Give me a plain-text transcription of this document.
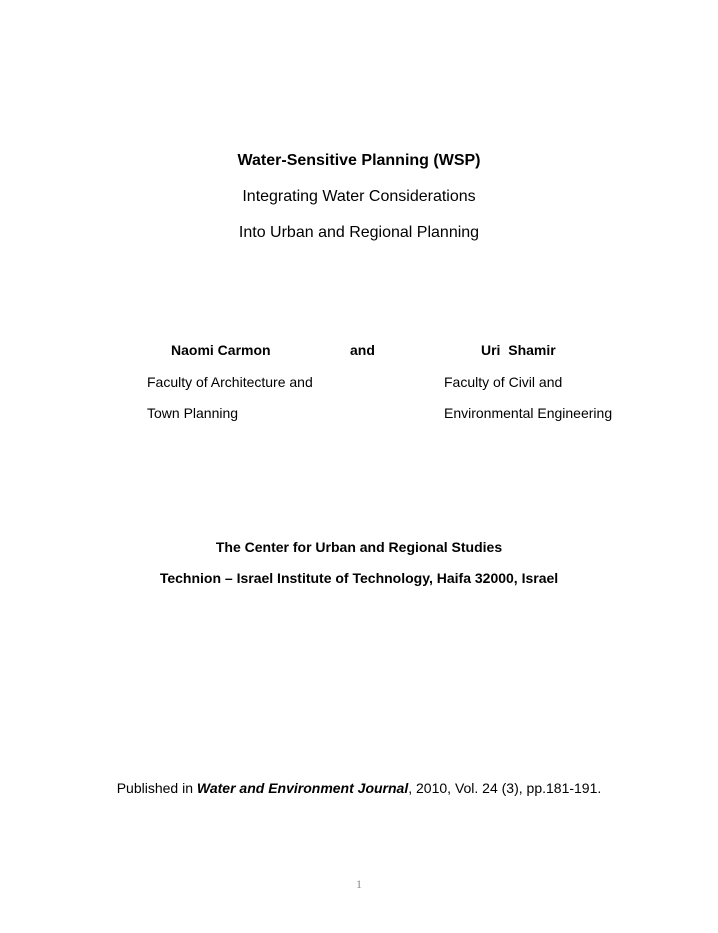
Water-Sensitive Planning (WSP)
Integrating Water Considerations
Into Urban and Regional Planning
Naomi Carmon	and	Uri  Shamir
Faculty of Architecture and
Town Planning
Faculty of Civil and
Environmental Engineering
The Center for Urban and Regional Studies
Technion – Israel Institute of Technology, Haifa 32000, Israel
Published in Water and Environment Journal, 2010, Vol. 24 (3), pp.181-191.
1
